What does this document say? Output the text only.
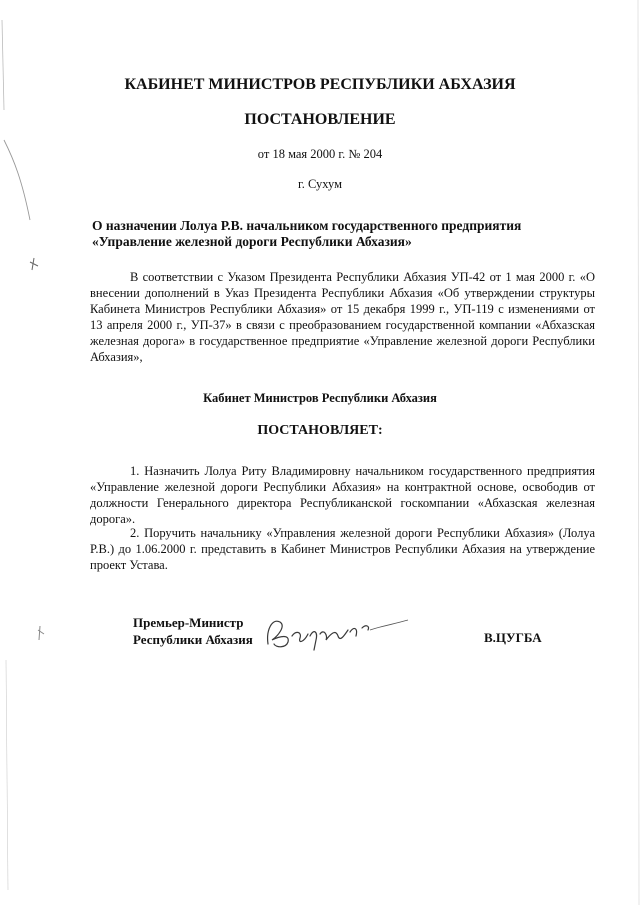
КАБИНЕТ МИНИСТРОВ РЕСПУБЛИКИ АБХАЗИЯ
ПОСТАНОВЛЕНИЕ
от 18 мая 2000 г. № 204
г. Сухум
О назначении Лолуа Р.В. начальником государственного предприятия «Управление железной дороги Республики Абхазия»
В соответствии с Указом Президента Республики Абхазия УП-42 от 1 мая 2000 г. «О внесении дополнений в Указ Президента Республики Абхазия «Об утверждении структуры Кабинета Министров Республики Абхазия» от 15 декабря 1999 г., УП-119 с изменениями от 13 апреля 2000 г., УП-37» в связи с преобразованием государственной компании «Абхазская железная дорога» в государственное предприятие «Управление железной дороги Республики Абхазия»,
Кабинет Министров Республики Абхазия
ПОСТАНОВЛЯЕТ:
1. Назначить Лолуа Риту Владимировну начальником государственного предприятия «Управление железной дороги Республики Абхазия» на контрактной основе, освободив от должности Генерального директора Республиканской госкомпании «Абхазская железная дорога».
2. Поручить начальнику «Управления железной дороги Республики Абхазия» (Лолуа Р.В.) до 1.06.2000 г. представить в Кабинет Министров Республики Абхазия на утверждение проект Устава.
Премьер-Министр
Республики Абхазия	В.ЦУГБА
